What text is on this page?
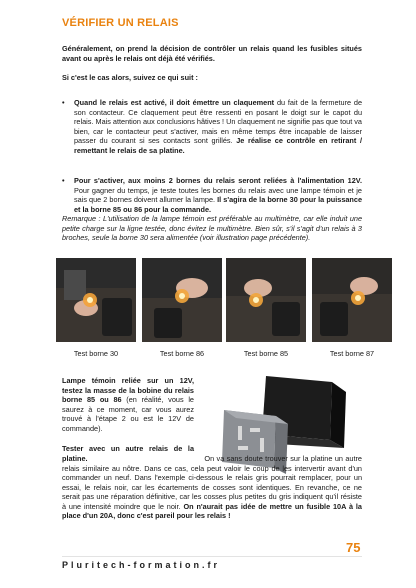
VÉRIFIER UN RELAIS
Généralement, on prend la décision de contrôler un relais quand les fusibles situés avant ou après le relais ont déjà été vérifiés.
Si c'est le cas alors, suivez ce qui suit :
• Quand le relais est activé, il doit émettre un claquement du fait de la fermeture de son contacteur. Ce claquement peut être ressenti en posant le doigt sur le capot du relais. Mais attention aux conclusions hâtives ! Un claquement ne signifie pas que tout va bien, car le contacteur peut s'activer, mais en même temps être incapable de laisser passer du courant si ses contacts sont grillés. Je réalise ce contrôle en retirant / remettant le relais de sa platine.
• Pour s'activer, aux moins 2 bornes du relais seront reliées à l'alimentation 12V. Pour gagner du temps, je teste toutes les bornes du relais avec une lampe témoin et je sais que 2 bornes doivent allumer la lampe. Il s'agira de la borne 30 pour la puissance et la borne 85 ou 86 pour la commande.
Remarque : L'utilisation de la lampe témoin est préférable au multimètre, car elle induit une petite charge sur la ligne testée, donc évitez le multimètre. Bien sûr, s'il s'agit d'un relais à 3 broches, seule la borne 30 sera alimentée (voir illustration page précédente).
Test borne 30	Test borne 86	Test borne 85	Test borne 87
Lampe témoin reliée sur un 12V, testez la masse de la bobine du relais borne 85 ou 86 (en réalité, vous le saurez à ce moment, car vous aurez trouvé à l'étape 2 ou est le 12V de commande).
Tester avec un autre relais de la platine.	On va sans doute trouver sur la platine un autre relais similaire au nôtre. Dans ce cas, cela peut valoir le coup de les intervertir avant d'un commander un neuf. Dans l'exemple ci-dessous le relais gris pourrait remplacer, pour un essai, le relais noir, car les écartements de cosses sont identiques. En revanche, ce ne serait pas une réparation définitive, car les cosses plus petites du gris indiquent qu'il résiste à une intensité moindre que le noir. On n'aurait pas idée de mettre un fusible 10A à la place d'un 20A, donc c'est pareil pour les relais !
75
Pluritech-formation.fr
